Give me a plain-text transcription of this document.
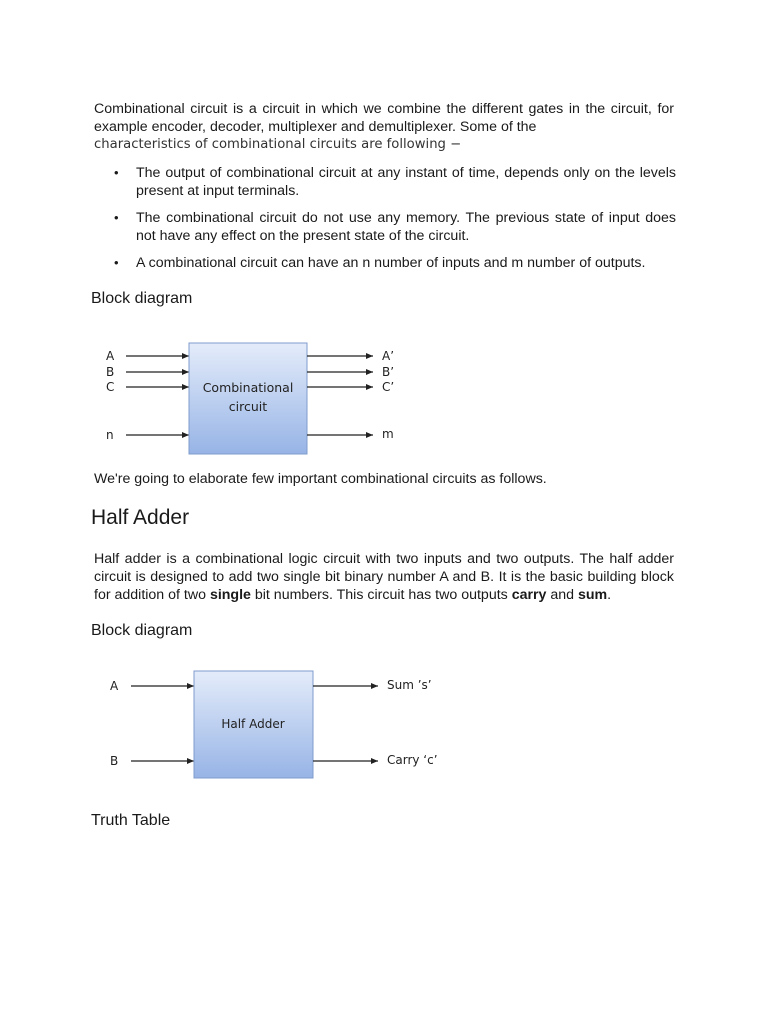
Combinational circuit is a circuit in which we combine the different gates in the circuit, for example encoder, decoder, multiplexer and demultiplexer. Some of the
characteristics of combinational circuits are following −

• The output of combinational circuit at any instant of time, depends only on the levels present at input terminals.
• The combinational circuit do not use any memory. The previous state of input does not have any effect on the present state of the circuit.
• A combinational circuit can have an n number of inputs and m number of outputs.
Block diagram
A
B
C
n
Combinational
circuit
A’
B’
C’
m

We're going to elaborate few important combinational circuits as follows.

Half Adder

Half adder is a combinational logic circuit with two inputs and two outputs. The half adder circuit is designed to add two single bit binary number A and B. It is the basic building block for addition of two single bit numbers. This circuit has two outputs carry and sum.

Block diagram
A
B
Half Adder
Sum ’s’
Carry ‘c’
Truth Table
